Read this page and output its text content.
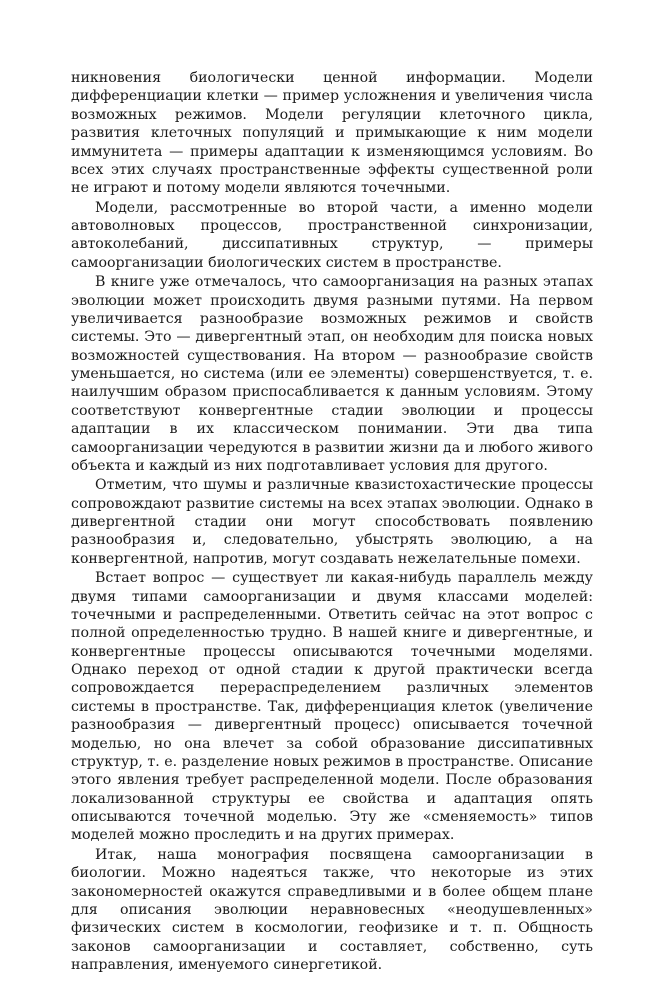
никновения биологически ценной информации. Модели дифференциации клетки — пример усложнения и увеличения числа возможных режимов. Модели регуляции клеточного цикла, развития клеточных популяций и примыкающие к ним модели иммунитета — примеры адаптации к изменяющимся условиям. Во всех этих случаях пространственные эффекты существенной роли не играют и потому модели являются точечными.

Модели, рассмотренные во второй части, а именно модели автоволновых процессов, пространственной синхронизации, автоколебаний, диссипативных структур, — примеры самоорганизации биологических систем в пространстве.

В книге уже отмечалось, что самоорганизация на разных этапах эволюции может происходить двумя разными путями. На первом увеличивается разнообразие возможных режимов и свойств системы. Это — дивергентный этап, он необходим для поиска новых возможностей существования. На втором — разнообразие свойств уменьшается, но система (или ее элементы) совершенствуется, т. е. наилучшим образом приспосабливается к данным условиям. Этому соответствуют конвергентные стадии эволюции и процессы адаптации в их классическом понимании. Эти два типа самоорганизации чередуются в развитии жизни да и любого живого объекта и каждый из них подготавливает условия для другого.

Отметим, что шумы и различные квазистохастические процессы сопровождают развитие системы на всех этапах эволюции. Однако в дивергентной стадии они могут способствовать появлению разнообразия и, следовательно, убыстрять эволюцию, а на конвергентной, напротив, могут создавать нежелательные помехи.

Встает вопрос — существует ли какая-нибудь параллель между двумя типами самоорганизации и двумя классами моделей: точечными и распределенными. Ответить сейчас на этот вопрос с полной определенностью трудно. В нашей книге и дивергентные, и конвергентные процессы описываются точечными моделями. Однако переход от одной стадии к другой практически всегда сопровождается перераспределением различных элементов системы в пространстве. Так, дифференциация клеток (увеличение разнообразия — дивергентный процесс) описывается точечной моделью, но она влечет за собой образование диссипативных структур, т. е. разделение новых режимов в пространстве. Описание этого явления требует распределенной модели. После образования локализованной структуры ее свойства и адаптация опять описываются точечной моделью. Эту же «сменяемость» типов моделей можно проследить и на других примерах.

Итак, наша монография посвящена самоорганизации в биологии. Можно надеяться также, что некоторые из этих закономерностей окажутся справедливыми и в более общем плане для описания эволюции неравновесных «неодушевленных» физических систем в космологии, геофизике и т. п. Общность законов самоорганизации и составляет, собственно, суть направления, именуемого синергетикой.
